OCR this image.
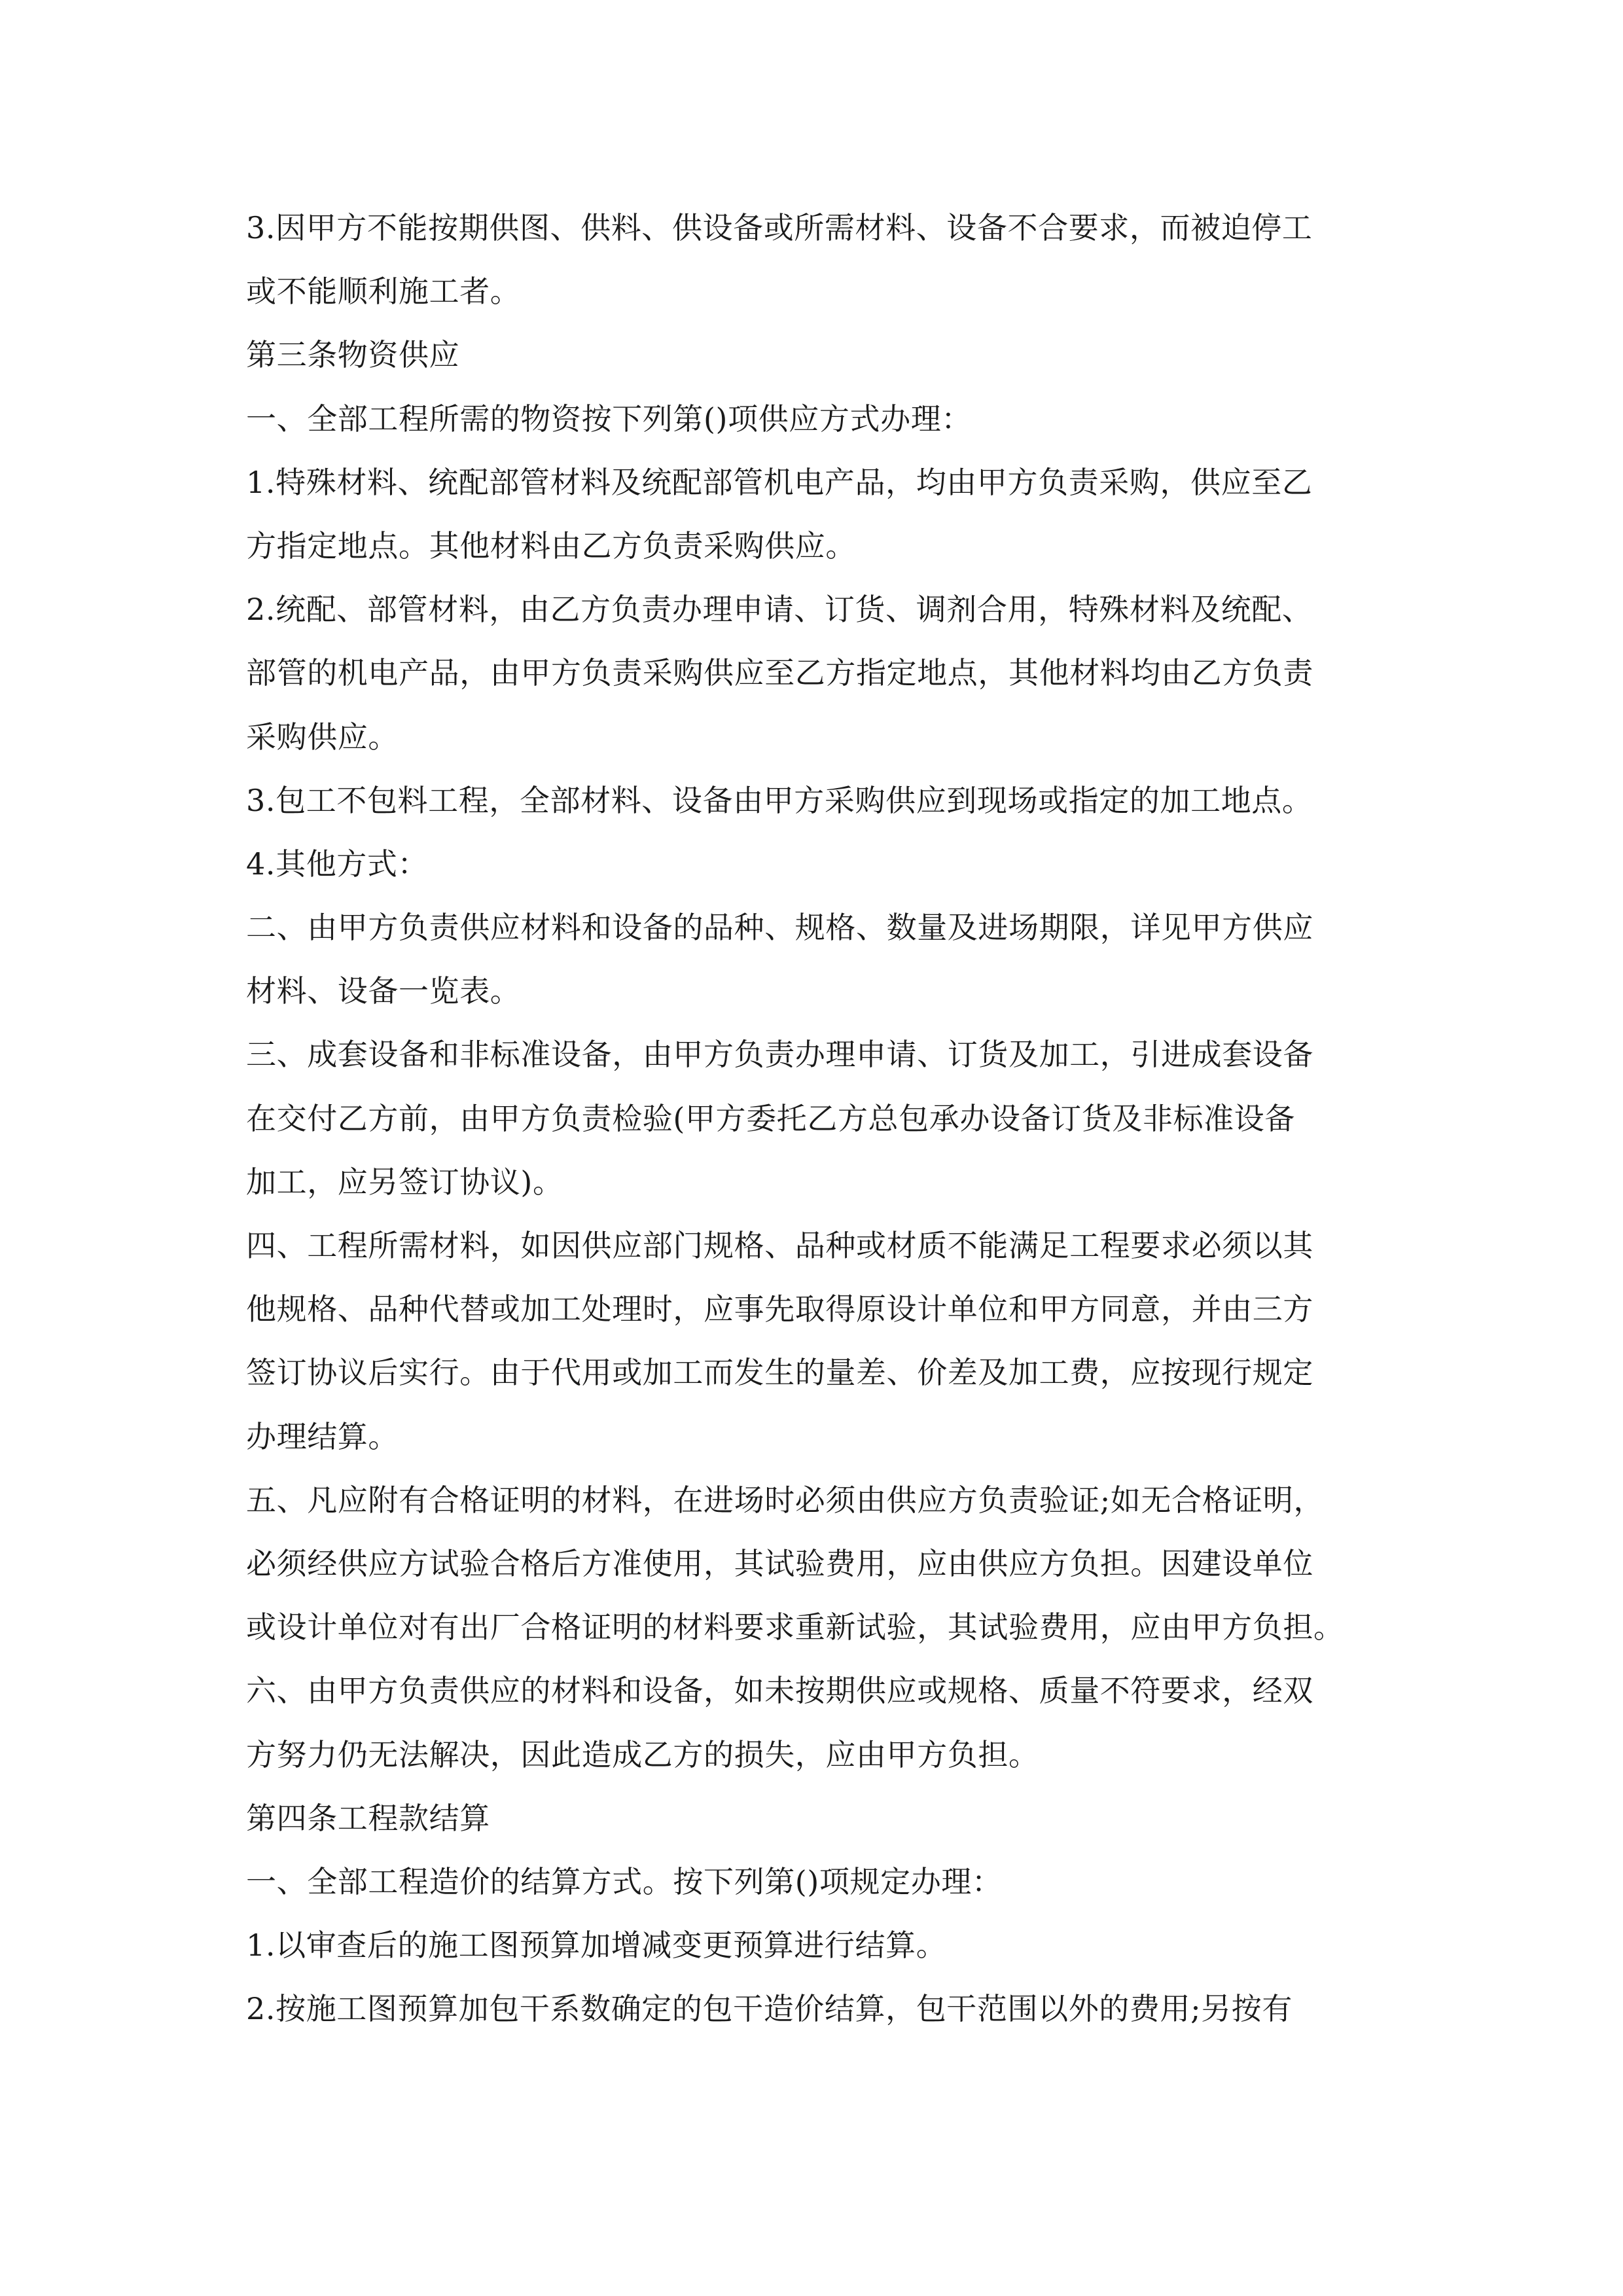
3.因甲方不能按期供图、供料、供设备或所需材料、设备不合要求，而被迫停工

或不能顺利施工者。

第三条物资供应

一、全部工程所需的物资按下列第()项供应方式办理：

1.特殊材料、统配部管材料及统配部管机电产品，均由甲方负责采购，供应至乙

方指定地点。其他材料由乙方负责采购供应。

2.统配、部管材料，由乙方负责办理申请、订货、调剂合用，特殊材料及统配、

部管的机电产品，由甲方负责采购供应至乙方指定地点，其他材料均由乙方负责

采购供应。

3.包工不包料工程，全部材料、设备由甲方采购供应到现场或指定的加工地点。

4.其他方式：

二、由甲方负责供应材料和设备的品种、规格、数量及进场期限，详见甲方供应

材料、设备一览表。

三、成套设备和非标准设备，由甲方负责办理申请、订货及加工，引进成套设备

在交付乙方前，由甲方负责检验(甲方委托乙方总包承办设备订货及非标准设备

加工，应另签订协议)。

四、工程所需材料，如因供应部门规格、品种或材质不能满足工程要求必须以其

他规格、品种代替或加工处理时，应事先取得原设计单位和甲方同意，并由三方

签订协议后实行。由于代用或加工而发生的量差、价差及加工费，应按现行规定

办理结算。

五、凡应附有合格证明的材料，在进场时必须由供应方负责验证;如无合格证明，

必须经供应方试验合格后方准使用，其试验费用，应由供应方负担。因建设单位

或设计单位对有出厂合格证明的材料要求重新试验，其试验费用，应由甲方负担。

六、由甲方负责供应的材料和设备，如未按期供应或规格、质量不符要求，经双

方努力仍无法解决，因此造成乙方的损失，应由甲方负担。

第四条工程款结算

一、全部工程造价的结算方式。按下列第()项规定办理：

1.以审查后的施工图预算加增减变更预算进行结算。

2.按施工图预算加包干系数确定的包干造价结算，包干范围以外的费用;另按有
